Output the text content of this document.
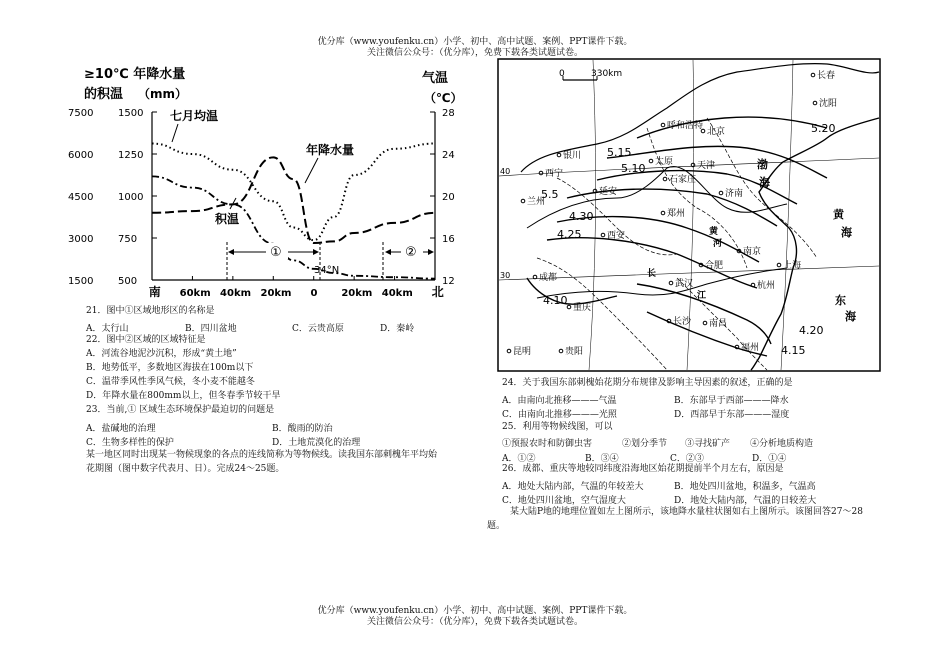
优分库（www.youfenku.cn）小学、初中、高中试题、案例、PPT课件下载。
关注微信公众号：（优分库），免费下载各类试题试卷。
≥10℃ 年降水量
的积温 （mm）
气温
（℃）
7500
6000
4500
3000
1500
1500
1250
1000
750
500
28
24
20
16
12
南 60km 40km 20km 0 20km 40km 北
七月均温
年降水量
积温
①	②
34°N
21．图中①区域地形区的名称是
A．太行山	B．四川盆地	C．云贵高原	D．秦岭
22．图中②区域的区域特征是
A．河流谷地泥沙沉积，形成“黄土地”
B．地势低平，多数地区海拔在100m以下
C．温带季风性季风气候，冬小麦不能越冬
D．年降水量在800mm以上，但冬春季节较干旱
23．当前,① 区域生态环境保护最迫切的问题是
A．盐碱地的治理	B．酸雨的防治
C．生物多样性的保护	D．土地荒漠化的治理
某一地区同时出现某一物候现象的各点的连线简称为等物候线。读我国东部刺槐年平均始
花期图（图中数字代表月、日）。完成24～25题。
0	330km
40
30
长春
沈阳
呼和浩特
北京
银川
太原	天津
石家庄
西宁
延安	济南
兰州
郑州
西安
合肥
南京
上海
成都
武汉	杭州
重庆
长沙 南昌
福州
昆明	贵阳
5.20
5.15
5.10
5.5
4.30
4.25
4.20
4.15
4.10
渤
海
黄
海
东
海
长
江
黄
河
24．关于我国东部刺槐始花期分布规律及影响主导因素的叙述，正确的是
A．由南向北推移———气温	B．东部早于西部———降水
C．由南向北推移———光照	D．西部早于东部———湿度
25．利用等物候线图，可以
①预报农时和防御虫害	②划分季节 ③寻找矿产 ④分析地质构造
A．①②	B．③④	C．②③	D．①④
26．成都、重庆等地较同纬度沿海地区始花期提前半个月左右，原因是
A．地处大陆内部，气温的年较差大	B．地处四川盆地，积温多，气温高
C．地处四川盆地，空气湿度大	D．地处大陆内部，气温的日较差大
某大陆P地的地理位置如左上图所示，该地降水量柱状图如右上图所示。该图回答27～28
题。
优分库（www.youfenku.cn）小学、初中、高中试题、案例、PPT课件下载。
关注微信公众号：（优分库），免费下载各类试题试卷。
